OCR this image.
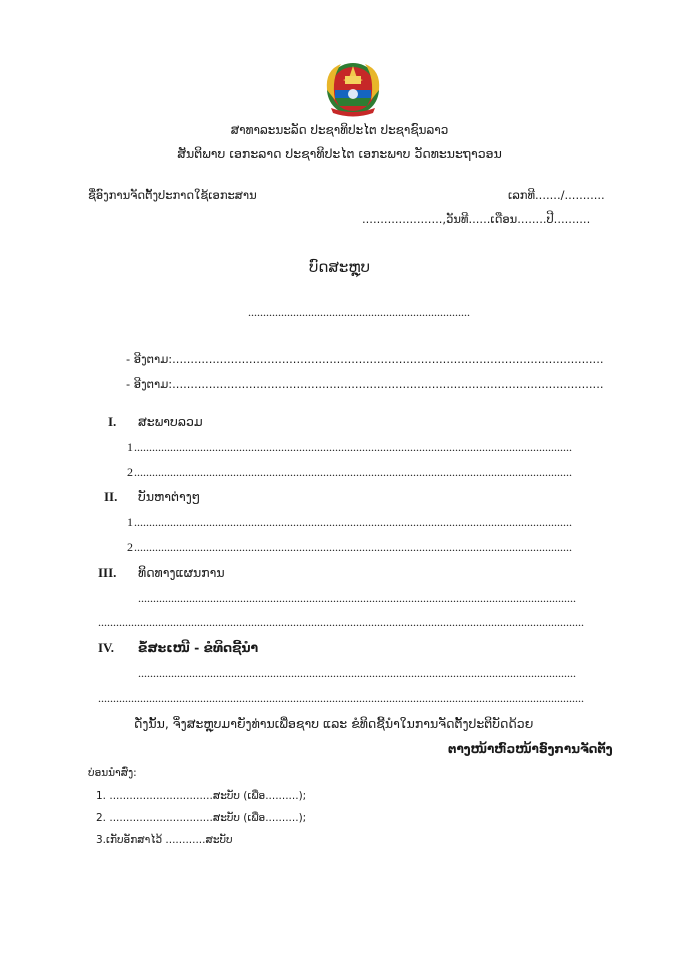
ສາທາລະນະລັດ ປະຊາທິປະໄຕ ປະຊາຊົນລາວ
ສັນຕິພາບ ເອກະລາດ ປະຊາທິປະໄຕ ເອກະພາບ ວັດທະນະຖາວອນ
ຊື່ອົງການຈັດຕັ້ງປະກາດໃຊ້ເອກະສານ	ເລກທີ......./...........
......................,ວັນທີ......ເດືອນ........ປີ..........
ບົດສະຫຼຸບ
..........................................................................
- ອີງຕາມ:......................................................................................................................
- ອີງຕາມ:......................................................................................................................
I. ສະພາບລວມ
1 ..................................................................................................................................................
2 ..................................................................................................................................................
II. ບັນຫາຕ່າງໆ
1 ..................................................................................................................................................
2 ..................................................................................................................................................
III. ທິດທາງແຜນການ
..................................................................................................................................................
..................................................................................................................................................................
IV. ຂໍ້ສະເໜີ - ຂໍທິດຊີ້ນຳ
..................................................................................................................................................
..................................................................................................................................................................
ດັ່ງນັ້ນ, ຈິ່ງສະຫຼຸບມາຍັງທ່ານເພື່ອຊາບ ແລະ ຂໍທິດຊີ້ນຳໃນການຈັດຕັ້ງປະຕິບັດດ້ວຍ
ຕາງໜ້າຫົວໜ້າອົງການຈັດຕັ້ງ
ບ່ອນນຳສົ່ງ:
1. ...............................ສະບັບ (ເພື່ອ..........);
2. ...............................ສະບັບ (ເພື່ອ..........);
3.ເກັບອັກສາໄວ້ ............ສະບັບ
